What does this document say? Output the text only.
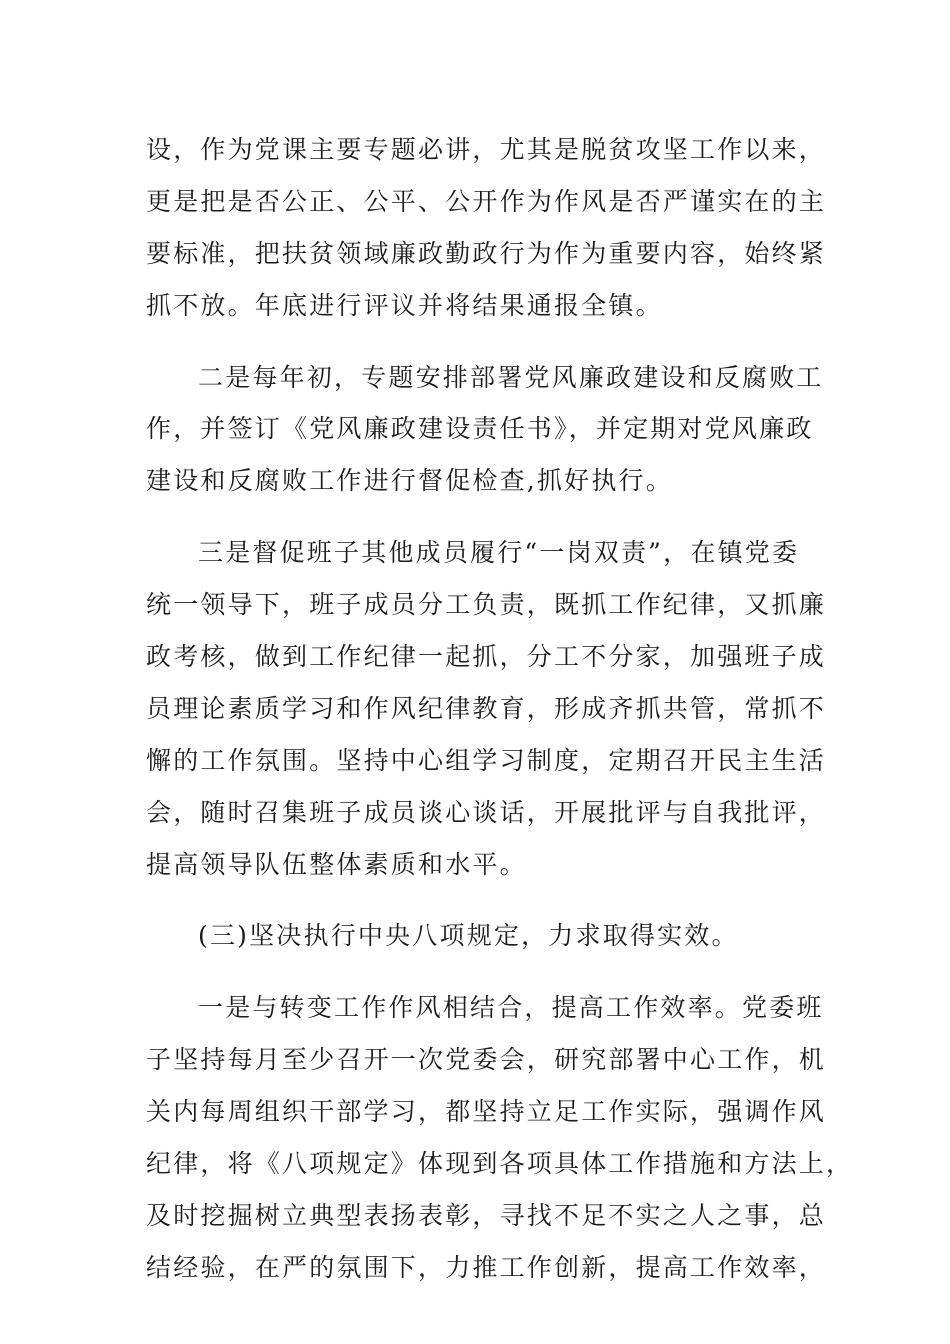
设，作为党课主要专题必讲，尤其是脱贫攻坚工作以来，
更是把是否公正、公平、公开作为作风是否严谨实在的主
要标准，把扶贫领域廉政勤政行为作为重要内容，始终紧
抓不放。年底进行评议并将结果通报全镇。
二是每年初，专题安排部署党风廉政建设和反腐败工
作，并签订《党风廉政建设责任书》，并定期对党风廉政
建设和反腐败工作进行督促检查,抓好执行。
三是督促班子其他成员履行“一岗双责”，在镇党委
统一领导下，班子成员分工负责，既抓工作纪律，又抓廉
政考核，做到工作纪律一起抓，分工不分家，加强班子成
员理论素质学习和作风纪律教育，形成齐抓共管，常抓不
懈的工作氛围。坚持中心组学习制度，定期召开民主生活
会，随时召集班子成员谈心谈话，开展批评与自我批评，
提高领导队伍整体素质和水平。
(三)坚决执行中央八项规定，力求取得实效。
一是与转变工作作风相结合，提高工作效率。党委班
子坚持每月至少召开一次党委会，研究部署中心工作，机
关内每周组织干部学习，都坚持立足工作实际，强调作风
纪律，将《八项规定》体现到各项具体工作措施和方法上，
及时挖掘树立典型表扬表彰，寻找不足不实之人之事，总
结经验，在严的氛围下，力推工作创新，提高工作效率，
